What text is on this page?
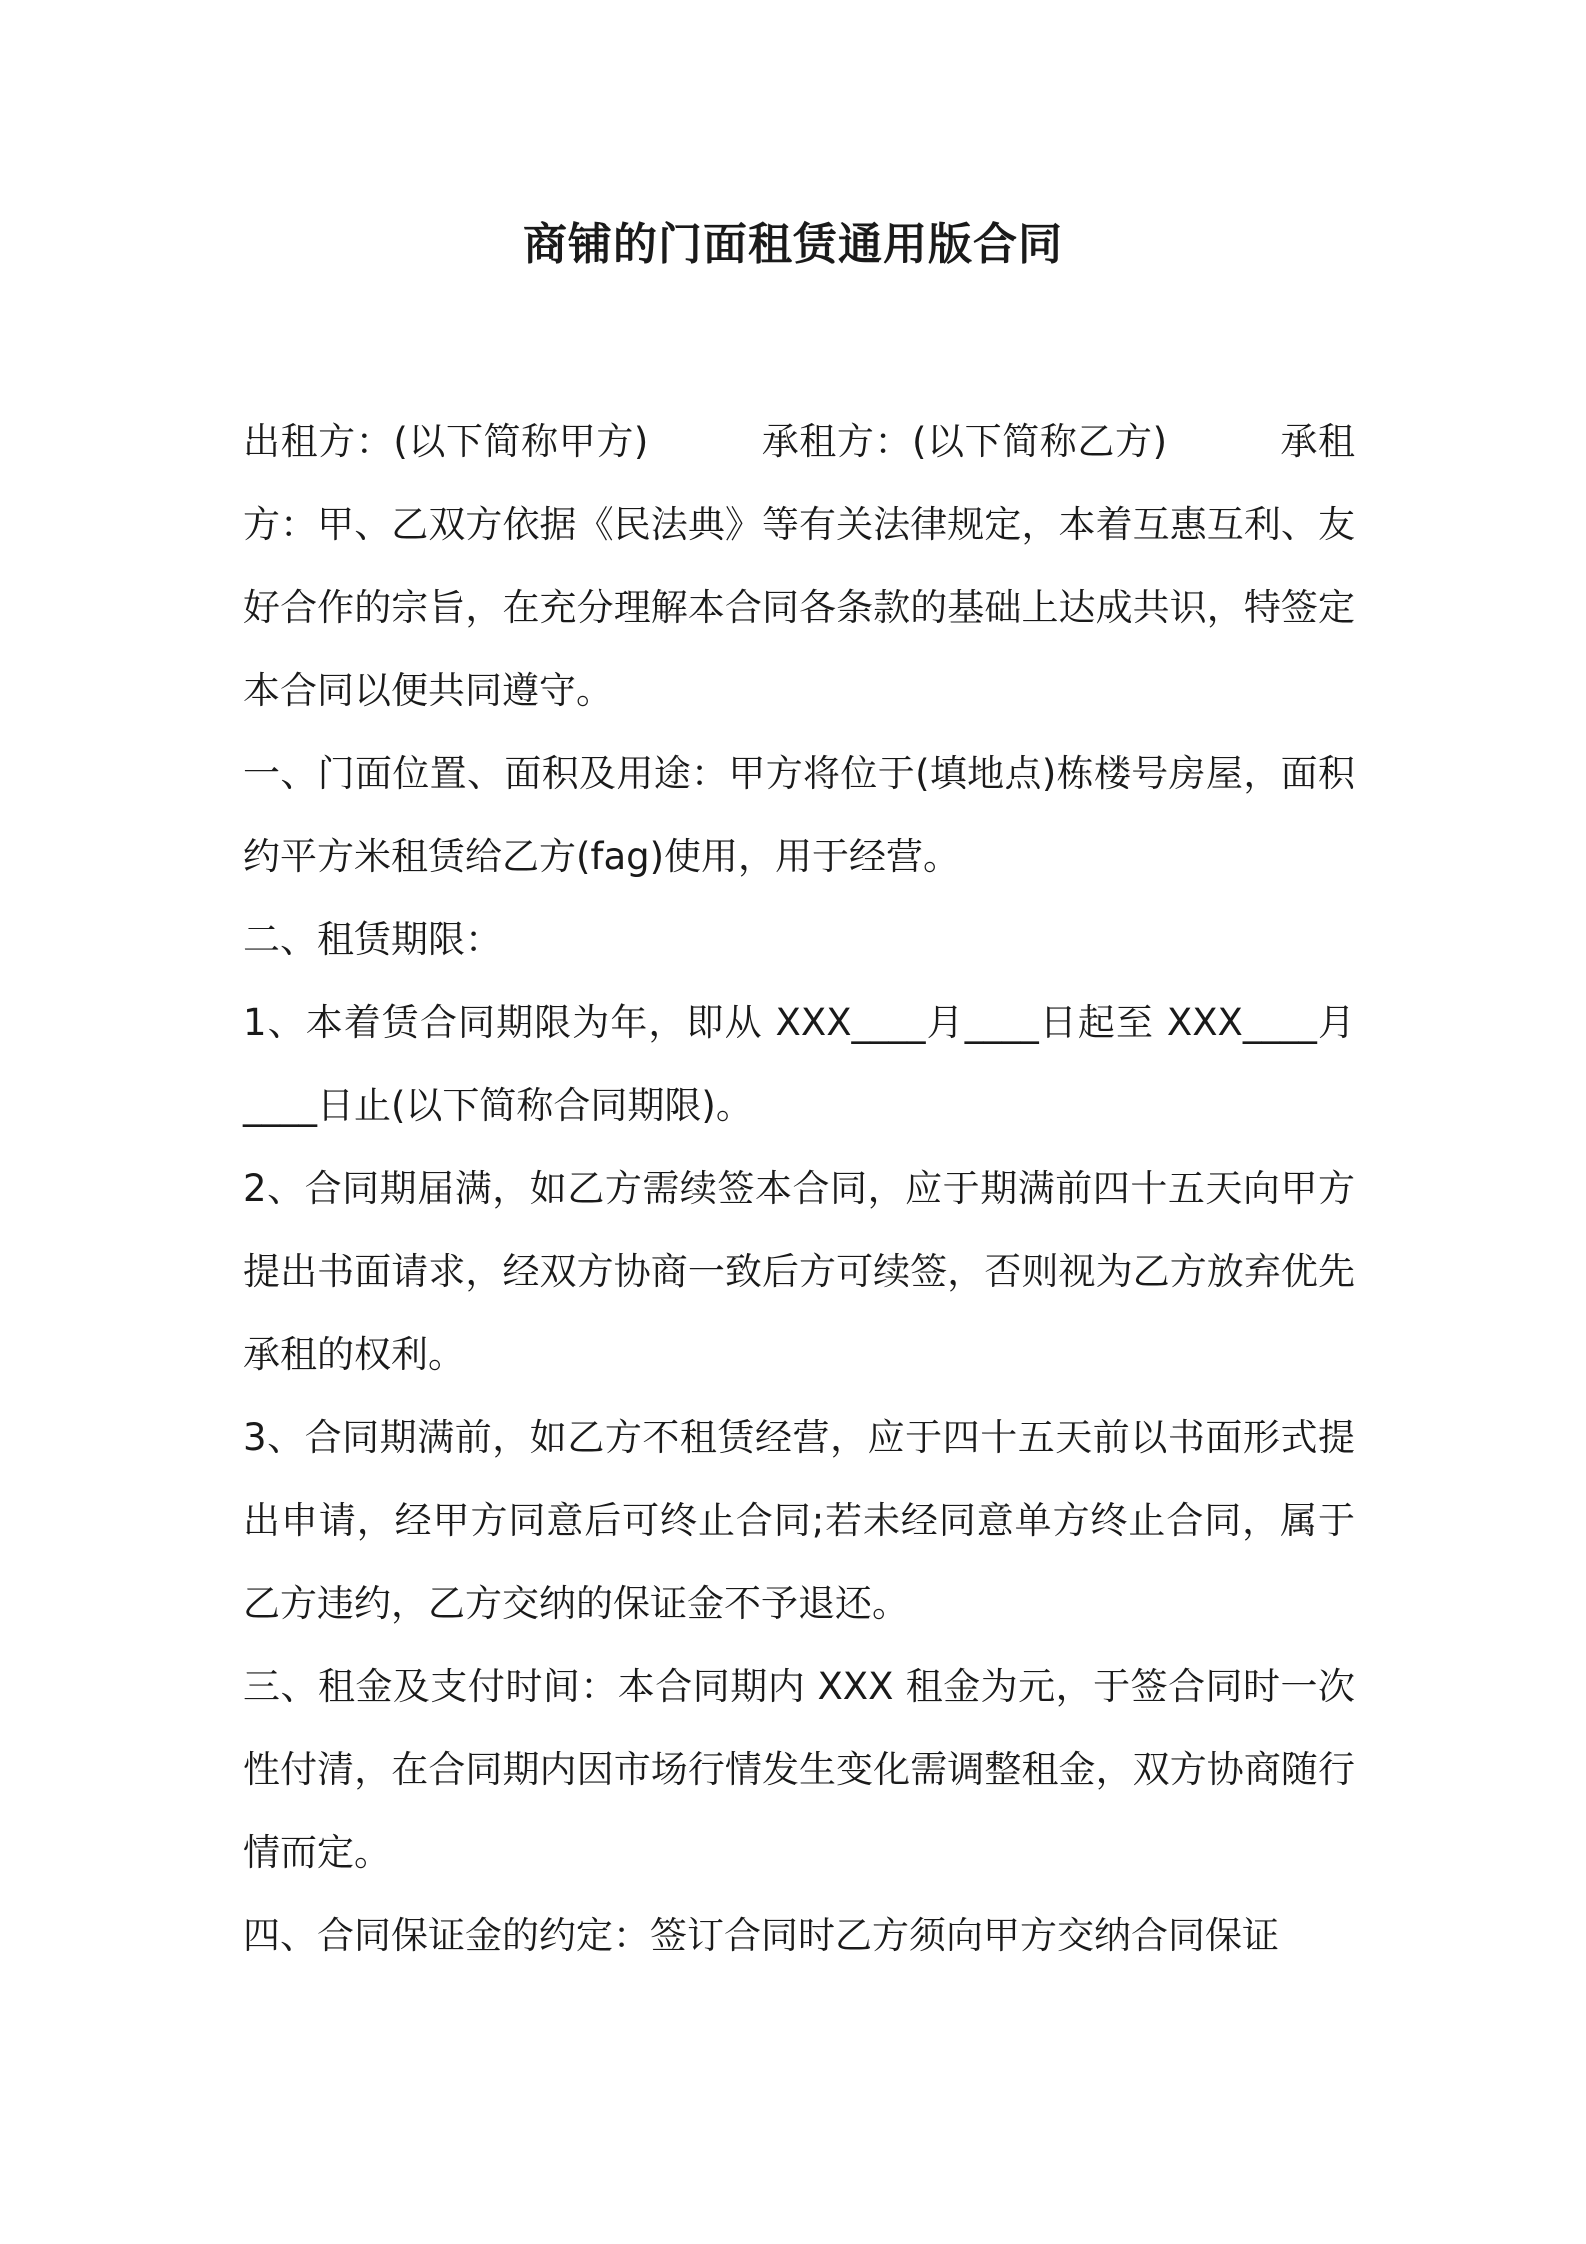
商铺的门面租赁通用版合同

出租方：(以下简称甲方)　　　承租方：(以下简称乙方)　　　承租方：甲、乙双方依据《民法典》等有关法律规定，本着互惠互利、友好合作的宗旨，在充分理解本合同各条款的基础上达成共识，特签定本合同以便共同遵守。

一、门面位置、面积及用途：甲方将位于(填地点)栋楼号房屋，面积约平方米租赁给乙方(fag)使用，用于经营。

二、租赁期限：

1、本着赁合同期限为年，即从 XXX____月____日起至 XXX____月____日止(以下简称合同期限)。

2、合同期届满，如乙方需续签本合同，应于期满前四十五天向甲方提出书面请求，经双方协商一致后方可续签，否则视为乙方放弃优先承租的权利。

3、合同期满前，如乙方不租赁经营，应于四十五天前以书面形式提出申请，经甲方同意后可终止合同;若未经同意单方终止合同，属于乙方违约，乙方交纳的保证金不予退还。

三、租金及支付时间：本合同期内 XXX 租金为元，于签合同时一次性付清，在合同期内因市场行情发生变化需调整租金，双方协商随行情而定。

四、合同保证金的约定：签订合同时乙方须向甲方交纳合同保证
